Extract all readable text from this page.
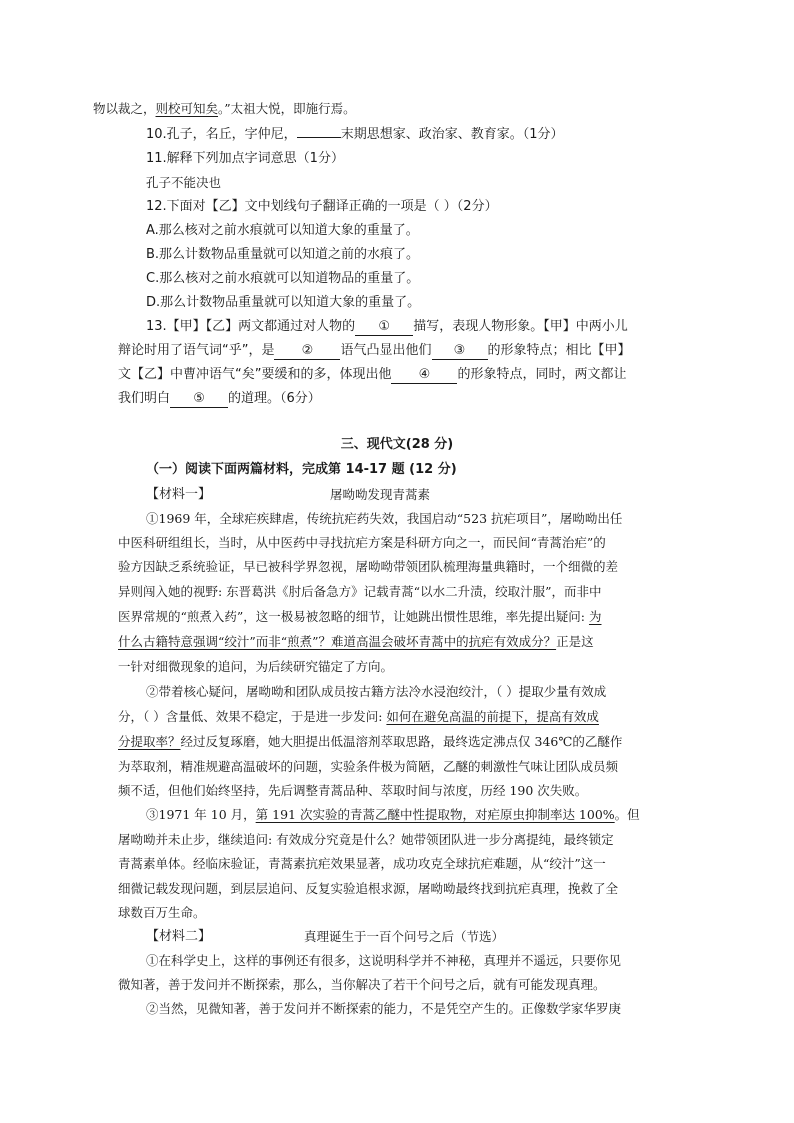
物以裁之，则校可知矣。”太祖大悦，即施行焉。
10.孔子，名丘，字仲尼，	末期思想家、政治家、教育家。（1分）
11.解释下列加点字词意思（1分）
孔子不能决也
12.下面对【乙】文中划线句子翻译正确的一项是（ ）（2分）
A.那么核对之前水痕就可以知道大象的重量了。
B.那么计数物品重量就可以知道之前的水痕了。
C.那么核对之前水痕就可以知道物品的重量了。
D.那么计数物品重量就可以知道大象的重量了。
13.【甲】【乙】两文都通过对人物的 ① 描写，表现人物形象。【甲】中两小儿
辩论时用了语气词“乎”，是 ② 语气凸显出他们 ③ 的形象特点；相比【甲】
文【乙】中曹冲语气“矣”要缓和的多，体现出他 ④ 的形象特点，同时，两文都让
我们明白 ⑤ 的道理。（6分）
三、现代文(28 分)
（一）阅读下面两篇材料，完成第 14-17 题 (12 分)
【材料一】	屠呦呦发现青蒿素
①1969 年，全球疟疾肆虐，传统抗疟药失效，我国启动“523 抗疟项目”，屠呦呦出任
中医科研组组长，当时，从中医药中寻找抗疟方案是科研方向之一，而民间“青蒿治疟”的
验方因缺乏系统验证，早已被科学界忽视，屠呦呦带领团队梳理海量典籍时，一个细微的差
异则闯入她的视野: 东晋葛洪《肘后备急方》记载青蒿“以水二升渍，绞取汁服”，而非中
医界常规的“煎煮入药”，这一极易被忽略的细节，让她跳出惯性思维，率先提出疑问: 为
什么古籍特意强调“绞汁”而非“煎煮”？难道高温会破坏青蒿中的抗疟有效成分？正是这
一针对细微现象的追问，为后续研究锚定了方向。
②带着核心疑问，屠呦呦和团队成员按古籍方法冷水浸泡绞汁，（ ）提取少量有效成
分，（ ）含量低、效果不稳定，于是进一步发问: 如何在避免高温的前提下，提高有效成
分提取率？经过反复琢磨，她大胆提出低温溶剂萃取思路，最终选定沸点仅 346℃的乙醚作
为萃取剂，精准规避高温破坏的问题，实验条件极为简陋，乙醚的刺激性气味让团队成员频
频不适，但他们始终坚持，先后调整青蒿品种、萃取时间与浓度，历经 190 次失败。
③1971 年 10 月，第 191 次实验的青蒿乙醚中性提取物，对疟原虫抑制率达 100%。但
屠呦呦并未止步，继续追问: 有效成分究竟是什么？她带领团队进一步分离提纯，最终锁定
青蒿素单体。经临床验证，青蒿素抗疟效果显著，成功攻克全球抗疟难题，从“绞汁”这一
细微记载发现问题，到层层追问、反复实验追根求源，屠呦呦最终找到抗疟真理，挽救了全
球数百万生命。
【材料二】	真理诞生于一百个问号之后（节选）
①在科学史上，这样的事例还有很多，这说明科学并不神秘，真理并不遥远，只要你见
微知著，善于发问并不断探索，那么，当你解决了若干个问号之后，就有可能发现真理。
②当然，见微知著，善于发问并不断探索的能力，不是凭空产生的。正像数学家华罗庚
